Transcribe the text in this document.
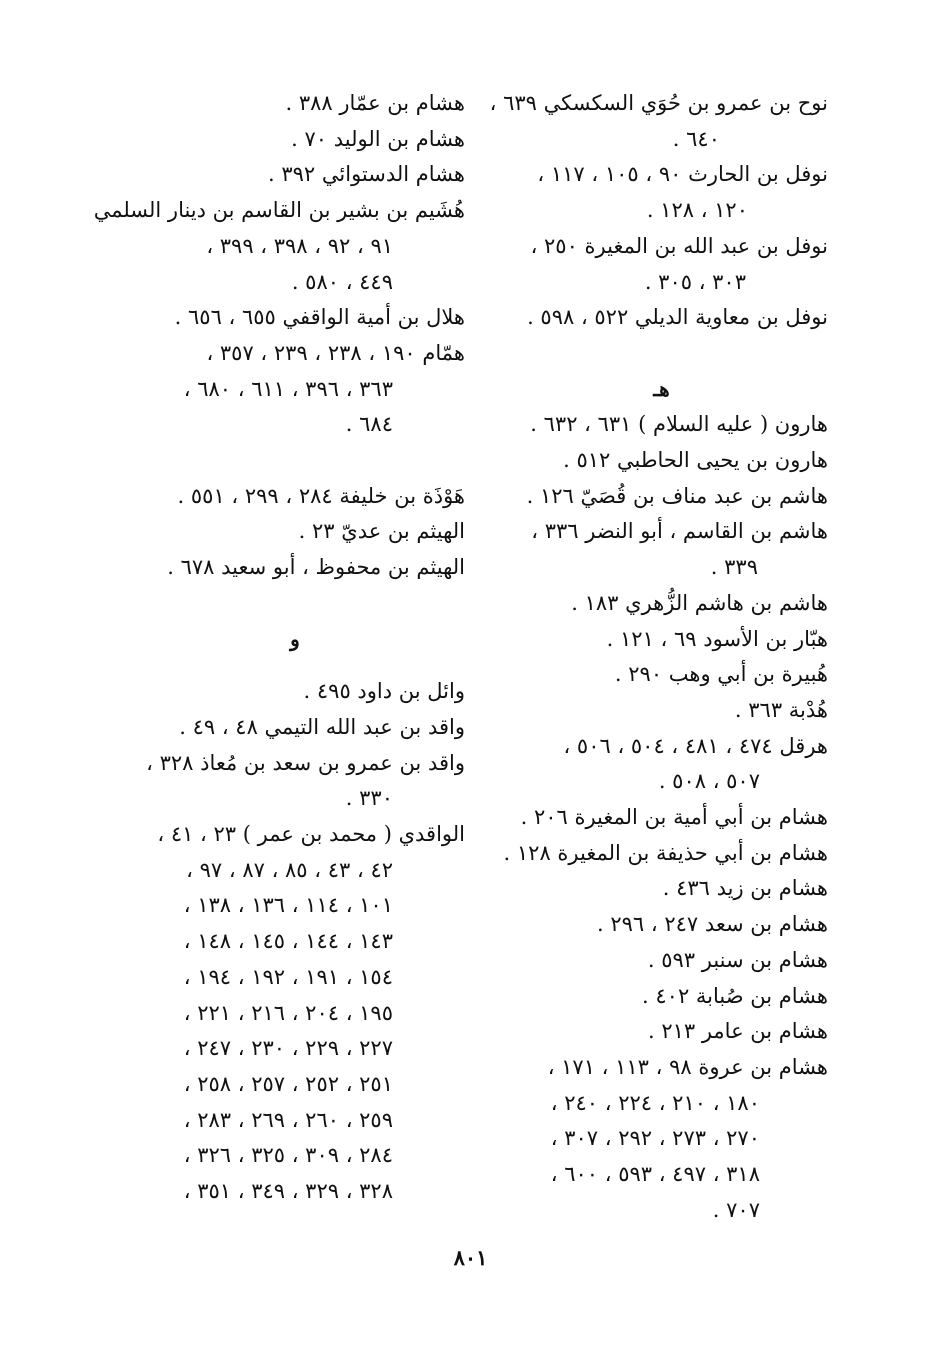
نوح بن عمرو بن حُوَي السكسكي ٦٣٩ ،
٦٤٠ .
نوفل بن الحارث ٩٠ ، ١٠٥ ، ١١٧ ،
١٢٠ ، ١٢٨ .
نوفل بن عبد الله بن المغيرة ٢٥٠ ،
٣٠٣ ، ٣٠٥ .
نوفل بن معاوية الديلي ٥٢٢ ، ٥٩٨ .
هـ
هارون ( عليه السلام ) ٦٣١ ، ٦٣٢ .
هارون بن يحيى الحاطبي ٥١٢ .
هاشم بن عبد مناف بن قُصَيّ ١٢٦ .
هاشم بن القاسم ، أبو النضر ٣٣٦ ،
٣٣٩ .
هاشم بن هاشم الزُّهري ١٨٣ .
هبّار بن الأسود ٦٩ ، ١٢١ .
هُبيرة بن أبي وهب ٢٩٠ .
هُدْبة ٣٦٣ .
هرقل ٤٧٤ ، ٤٨١ ، ٥٠٤ ، ٥٠٦ ،
٥٠٧ ، ٥٠٨ .
هشام بن أبي أمية بن المغيرة ٢٠٦ .
هشام بن أبي حذيفة بن المغيرة ١٢٨ .
هشام بن زيد ٤٣٦ .
هشام بن سعد ٢٤٧ ، ٢٩٦ .
هشام بن سنبر ٥٩٣ .
هشام بن صُبابة ٤٠٢ .
هشام بن عامر ٢١٣ .
هشام بن عروة ٩٨ ، ١١٣ ، ١٧١ ،
١٨٠ ، ٢١٠ ، ٢٢٤ ، ٢٤٠ ،
٢٧٠ ، ٢٧٣ ، ٢٩٢ ، ٣٠٧ ،
٣١٨ ، ٤٩٧ ، ٥٩٣ ، ٦٠٠ ،
٧٠٧ .
هشام بن عمّار ٣٨٨ .
هشام بن الوليد ٧٠ .
هشام الدستوائي ٣٩٢ .
هُشَيم بن بشير بن القاسم بن دينار السلمي
٩١ ، ٩٢ ، ٣٩٨ ، ٣٩٩ ،
٤٤٩ ، ٥٨٠ .
هلال بن أمية الواقفي ٦٥٥ ، ٦٥٦ .
همّام ١٩٠ ، ٢٣٨ ، ٢٣٩ ، ٣٥٧ ،
٣٦٣ ، ٣٩٦ ، ٦١١ ، ٦٨٠ ،
٦٨٤ .
هَوْذَة بن خليفة ٢٨٤ ، ٢٩٩ ، ٥٥١ .
الهيثم بن عديّ ٢٣ .
الهيثم بن محفوظ ، أبو سعيد ٦٧٨ .
و
وائل بن داود ٤٩٥ .
واقد بن عبد الله التيمي ٤٨ ، ٤٩ .
واقد بن عمرو بن سعد بن مُعاذ ٣٢٨ ،
٣٣٠ .
الواقدي ( محمد بن عمر ) ٢٣ ، ٤١ ،
٤٢ ، ٤٣ ، ٨٥ ، ٨٧ ، ٩٧ ،
١٠١ ، ١١٤ ، ١٣٦ ، ١٣٨ ،
١٤٣ ، ١٤٤ ، ١٤٥ ، ١٤٨ ،
١٥٤ ، ١٩١ ، ١٩٢ ، ١٩٤ ،
١٩٥ ، ٢٠٤ ، ٢١٦ ، ٢٢١ ،
٢٢٧ ، ٢٢٩ ، ٢٣٠ ، ٢٤٧ ،
٢٥١ ، ٢٥٢ ، ٢٥٧ ، ٢٥٨ ،
٢٥٩ ، ٢٦٠ ، ٢٦٩ ، ٢٨٣ ،
٢٨٤ ، ٣٠٩ ، ٣٢٥ ، ٣٢٦ ،
٣٢٨ ، ٣٢٩ ، ٣٤٩ ، ٣٥١ ،
٨٠١
